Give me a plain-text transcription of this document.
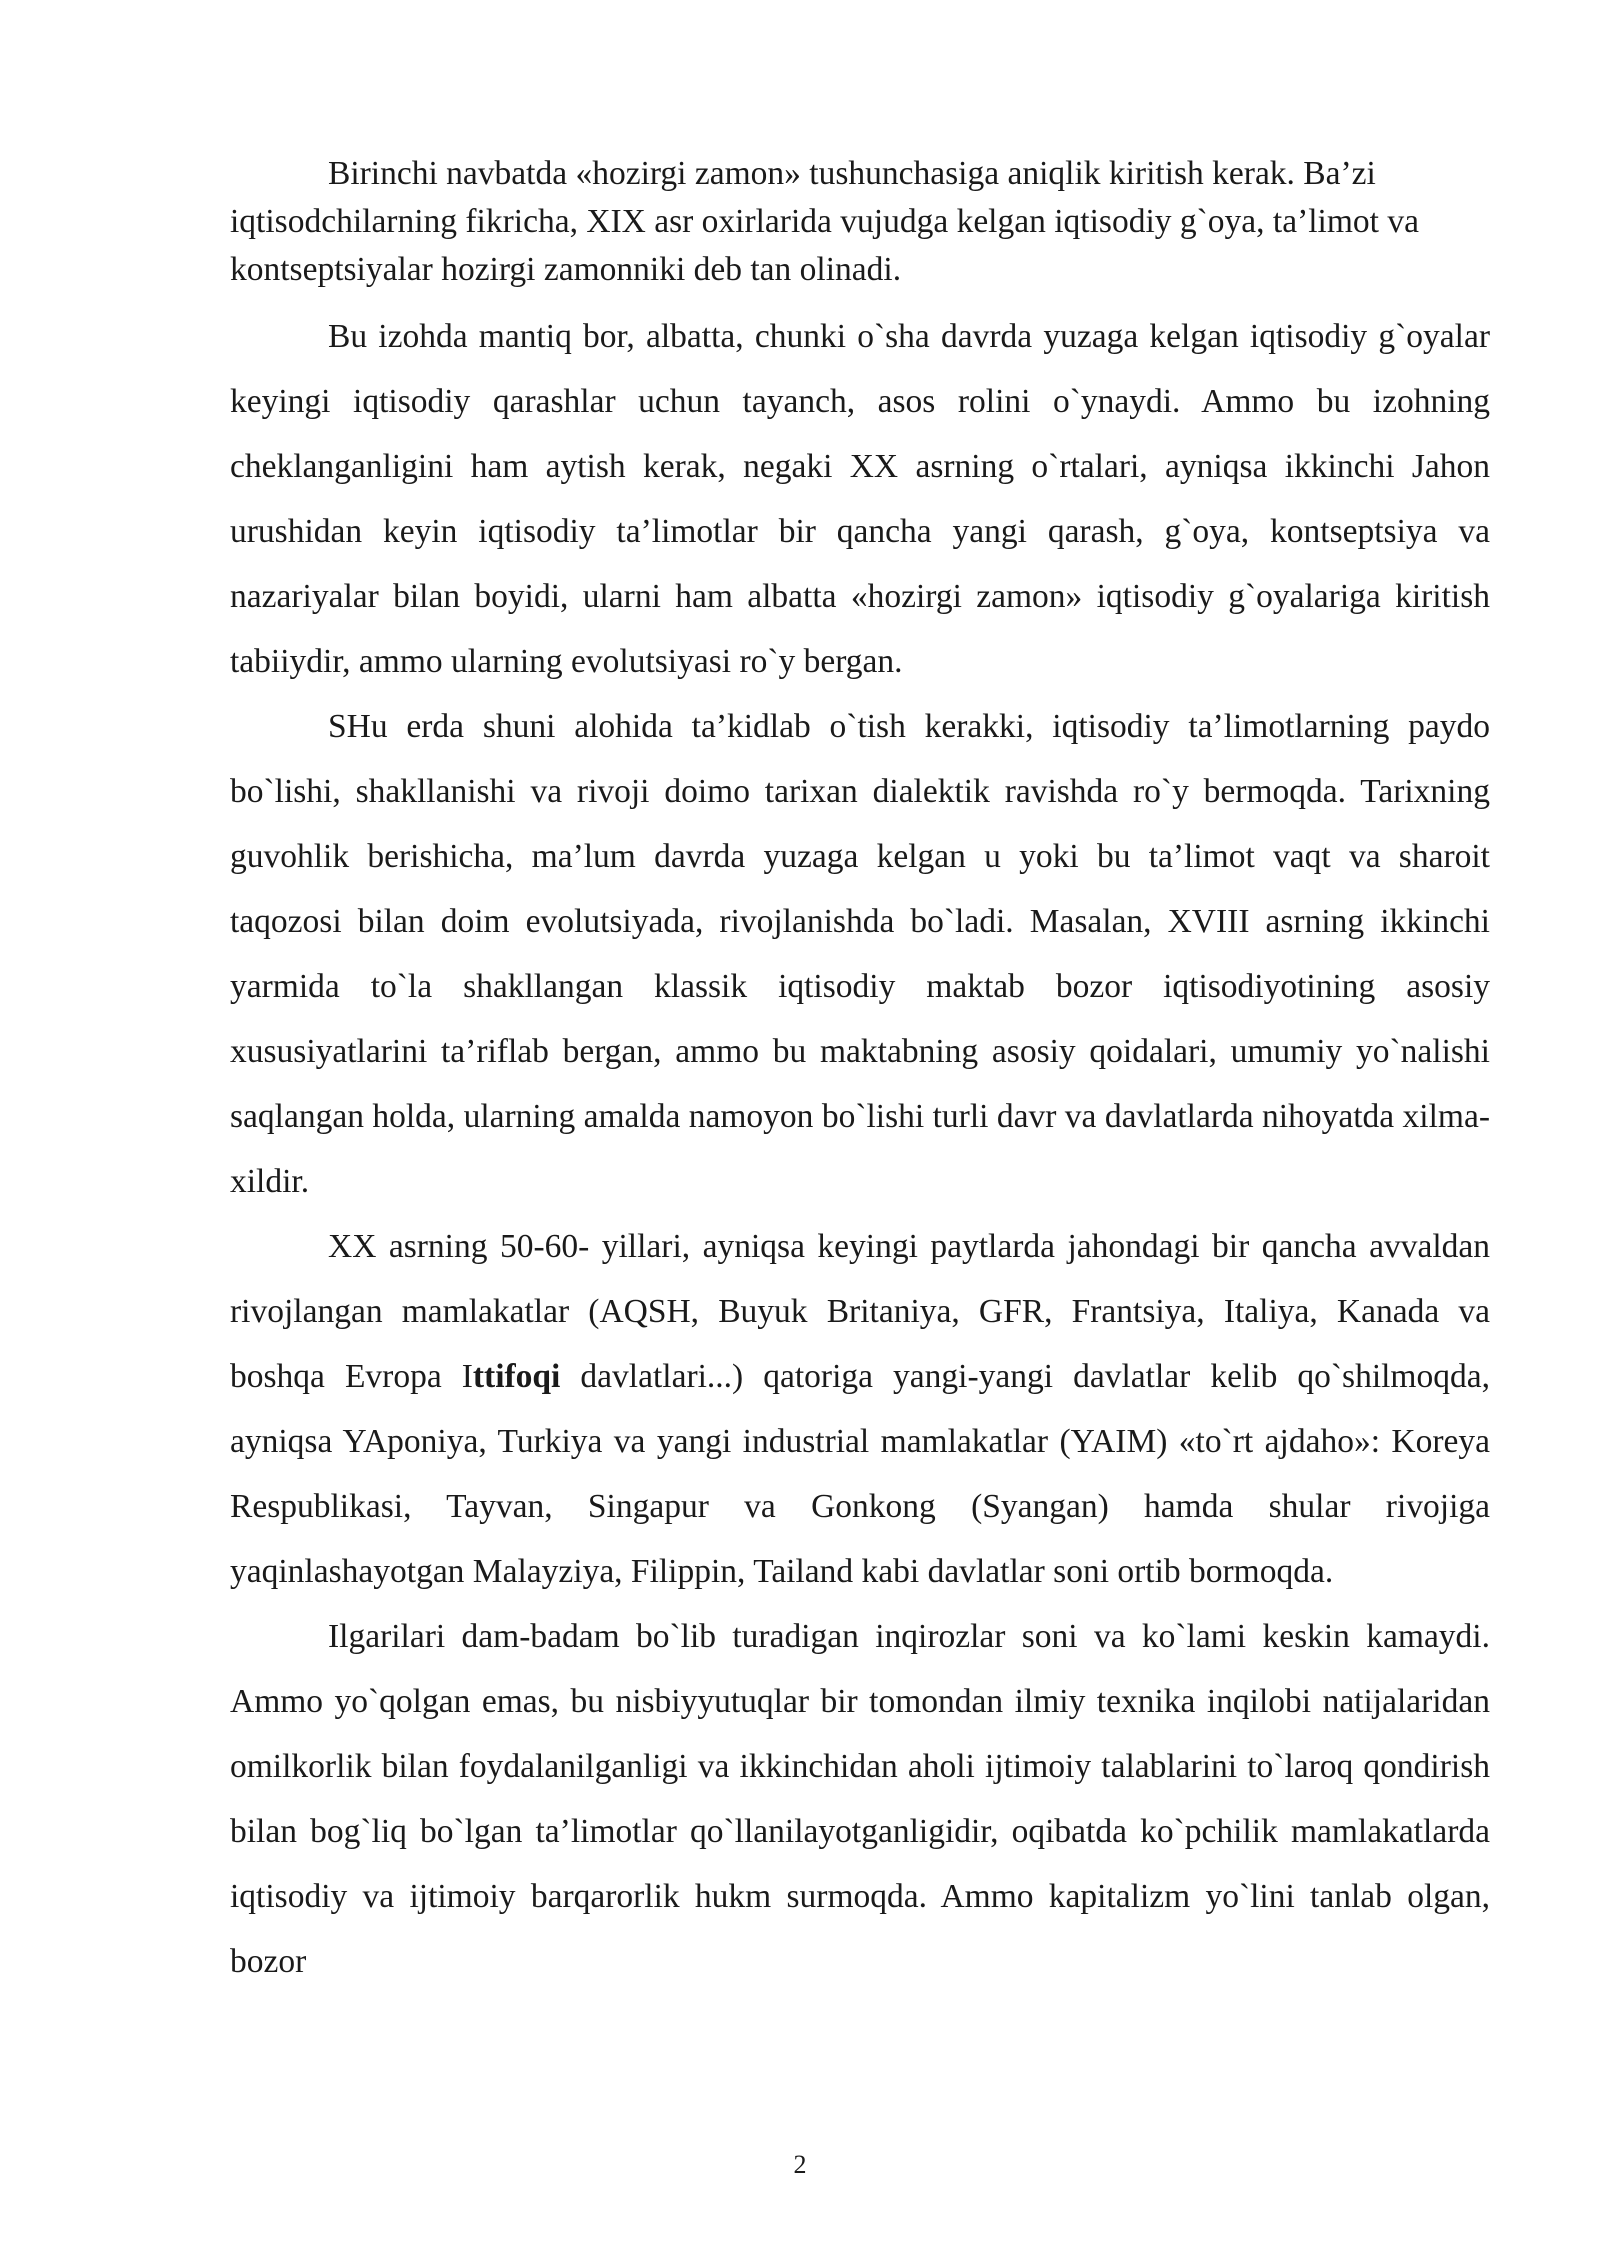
Birinchi navbatda «hozirgi zamon» tushunchasiga aniqlik kiritish kerak. Ba’zi iqtisodchilarning fikricha, XIX asr oxirlarida vujudga kelgan iqtisodiy g`oya, ta’limot va kontseptsiyalar hozirgi zamonniki deb tan olinadi.

Bu izohda mantiq bor, albatta, chunki o`sha davrda yuzaga kelgan iqtisodiy g`oyalar keyingi iqtisodiy qarashlar uchun tayanch, asos rolini o`ynaydi. Ammo bu izohning cheklanganligini ham aytish kerak, negaki XX asrning o`rtalari, ayniqsa ikkinchi Jahon urushidan keyin iqtisodiy ta’limotlar bir qancha yangi qarash, g`oya, kontseptsiya va nazariyalar bilan boyidi, ularni ham albatta «hozirgi zamon» iqtisodiy g`oyalariga kiritish tabiiydir, ammo ularning evolutsiyasi ro`y bergan.

SHu erda shuni alohida ta’kidlab o`tish kerakki, iqtisodiy ta’limotlarning paydo bo`lishi, shakllanishi va rivoji doimo tarixan dialektik ravishda ro`y bermoqda. Tarixning guvohlik berishicha, ma’lum davrda yuzaga kelgan u yoki bu ta’limot vaqt va sharoit taqozosi bilan doim evolutsiyada, rivojlanishda bo`ladi. Masalan, XVIII asrning ikkinchi yarmida to`la shakllangan klassik iqtisodiy maktab bozor iqtisodiyotining asosiy xususiyatlarini ta’riflab bergan, ammo bu maktabning asosiy qoidalari, umumiy yo`nalishi saqlangan holda, ularning amalda namoyon bo`lishi turli davr va davlatlarda nihoyatda xilma-xildir.

XX asrning 50-60- yillari, ayniqsa keyingi paytlarda jahondagi bir qancha avvaldan rivojlangan mamlakatlar (AQSH, Buyuk Britaniya, GFR, Frantsiya, Italiya, Kanada va boshqa Evropa Ittifoqi davlatlari...) qatoriga yangi-yangi davlatlar kelib qo`shilmoqda, ayniqsa YAponiya, Turkiya va yangi industrial mamlakatlar (YAIM) «to`rt ajdaho»: Koreya Respublikasi, Tayvan, Singapur va Gonkong (Syangan) hamda shular rivojiga yaqinlashayotgan Malayziya, Filippin, Tailand kabi davlatlar soni ortib bormoqda.

Ilgarilari dam-badam bo`lib turadigan inqirozlar soni va ko`lami keskin kamaydi. Ammo yo`qolgan emas, bu nisbiyyutuqlar bir tomondan ilmiy texnika inqilobi natijalaridan omilkorlik bilan foydalanilganligi va ikkinchidan aholi ijtimoiy talablarini to`laroq qondirish bilan bog`liq bo`lgan ta’limotlar qo`llanilayotganligidir, oqibatda ko`pchilik mamlakatlarda iqtisodiy va ijtimoiy barqarorlik hukm surmoqda. Ammo kapitalizm yo`lini tanlab olgan, bozor

2
